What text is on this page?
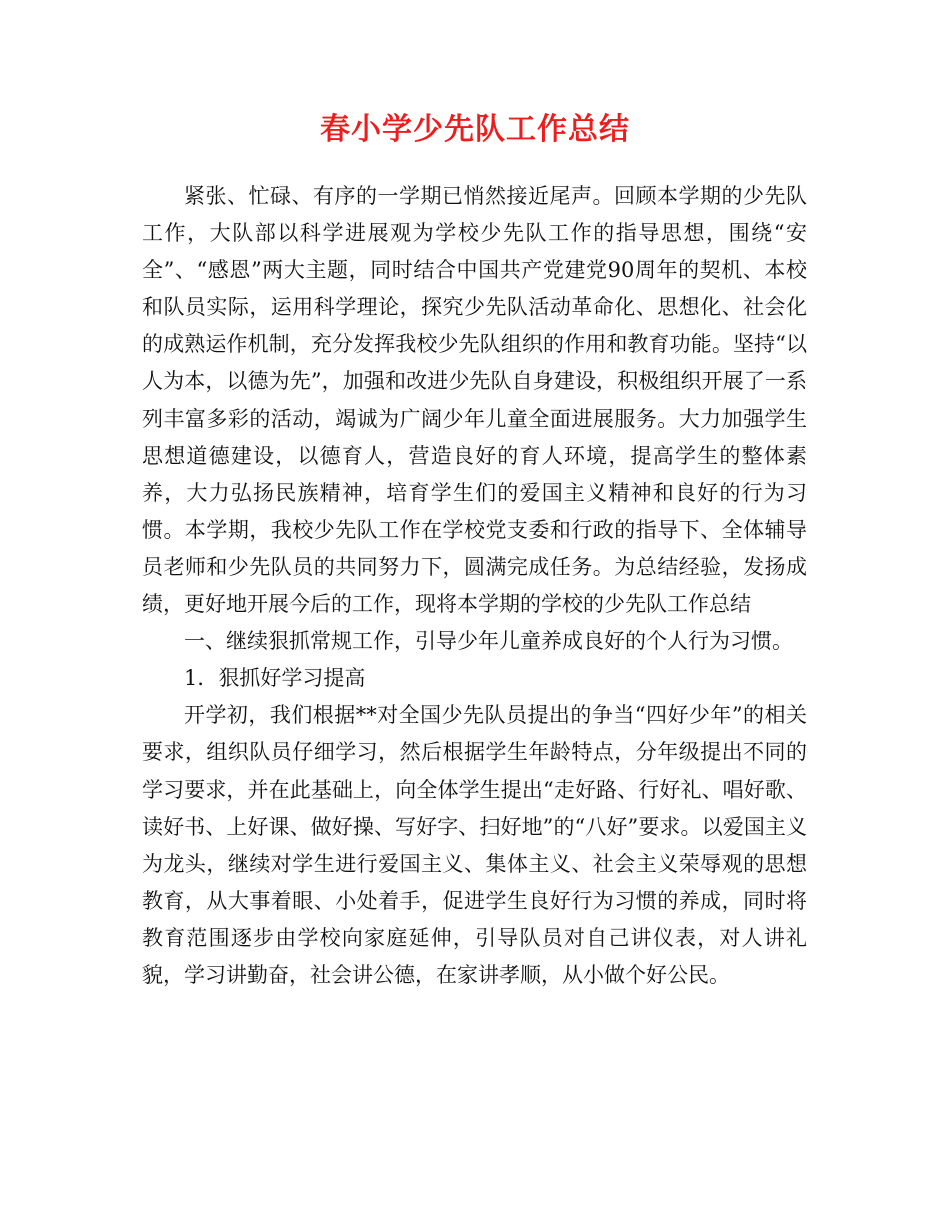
春小学少先队工作总结

紧张、忙碌、有序的一学期已悄然接近尾声。回顾本学期的少先队工作，大队部以科学进展观为学校少先队工作的指导思想，围绕“安全”、“感恩”两大主题，同时结合中国共产党建党90周年的契机、本校和队员实际，运用科学理论，探究少先队活动革命化、思想化、社会化的成熟运作机制，充分发挥我校少先队组织的作用和教育功能。坚持“以人为本，以德为先”，加强和改进少先队自身建设，积极组织开展了一系列丰富多彩的活动，竭诚为广阔少年儿童全面进展服务。大力加强学生思想道德建设，以德育人，营造良好的育人环境，提高学生的整体素养，大力弘扬民族精神，培育学生们的爱国主义精神和良好的行为习惯。本学期，我校少先队工作在学校党支委和行政的指导下、全体辅导员老师和少先队员的共同努力下，圆满完成任务。为总结经验，发扬成绩，更好地开展今后的工作，现将本学期的学校的少先队工作总结

一、继续狠抓常规工作，引导少年儿童养成良好的个人行为习惯。

1．狠抓好学习提高

开学初，我们根据**对全国少先队员提出的争当“四好少年”的相关要求，组织队员仔细学习，然后根据学生年龄特点，分年级提出不同的学习要求，并在此基础上，向全体学生提出“走好路、行好礼、唱好歌、读好书、上好课、做好操、写好字、扫好地”的“八好”要求。以爱国主义为龙头，继续对学生进行爱国主义、集体主义、社会主义荣辱观的思想教育，从大事着眼、小处着手，促进学生良好行为习惯的养成，同时将教育范围逐步由学校向家庭延伸，引导队员对自己讲仪表，对人讲礼貌，学习讲勤奋，社会讲公德，在家讲孝顺，从小做个好公民。
